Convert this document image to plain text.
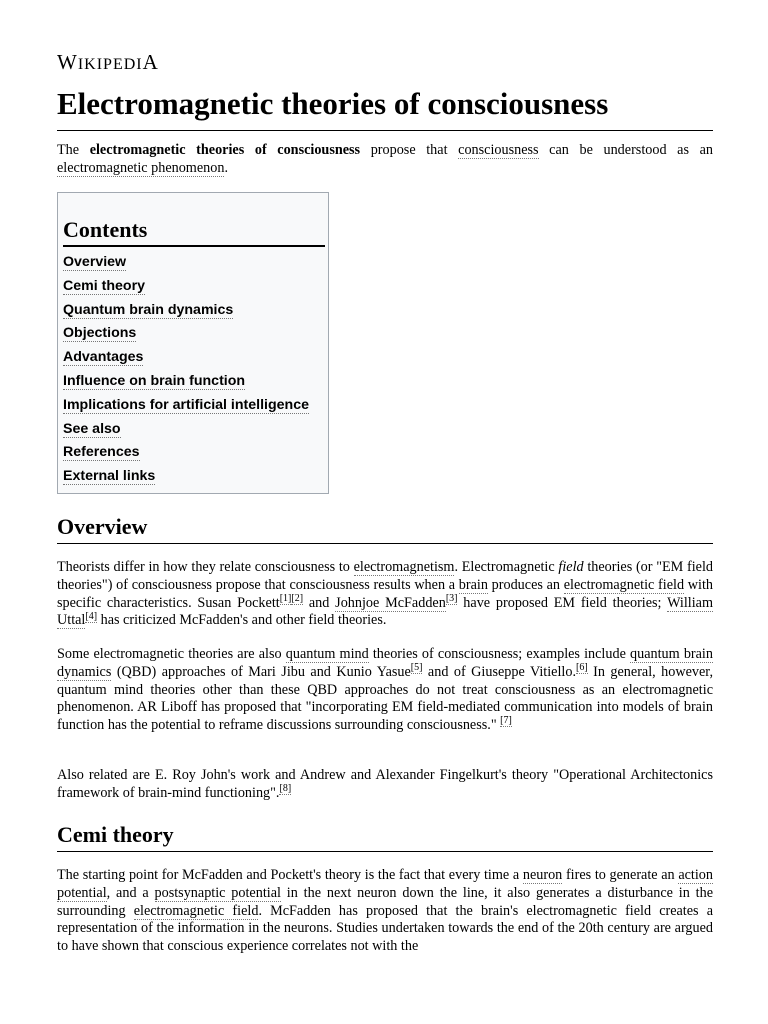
WIKIPEDIA
Electromagnetic theories of consciousness

The electromagnetic theories of consciousness propose that consciousness can be understood as an electromagnetic phenomenon.

Contents
Overview
Cemi theory
Quantum brain dynamics
Objections
Advantages
Influence on brain function
Implications for artificial intelligence
See also
References
External links
Overview

Theorists differ in how they relate consciousness to electromagnetism. Electromagnetic field theories (or "EM field theories") of consciousness propose that consciousness results when a brain produces an electromagnetic field with specific characteristics. Susan Pockett[1][2] and Johnjoe McFadden[3] have proposed EM field theories; William Uttal[4] has criticized McFadden's and other field theories.

Some electromagnetic theories are also quantum mind theories of consciousness; examples include quantum brain dynamics (QBD) approaches of Mari Jibu and Kunio Yasue[5] and of Giuseppe Vitiello.[6] In general, however, quantum mind theories other than these QBD approaches do not treat consciousness as an electromagnetic phenomenon. AR Liboff has proposed that "incorporating EM field-mediated communication into models of brain function has the potential to reframe discussions surrounding consciousness." [7]

Also related are E. Roy John's work and Andrew and Alexander Fingelkurt's theory "Operational Architectonics framework of brain-mind functioning".[8]

Cemi theory

The starting point for McFadden and Pockett's theory is the fact that every time a neuron fires to generate an action potential, and a postsynaptic potential in the next neuron down the line, it also generates a disturbance in the surrounding electromagnetic field. McFadden has proposed that the brain's electromagnetic field creates a representation of the information in the neurons. Studies undertaken towards the end of the 20th century are argued to have shown that conscious experience correlates not with the
